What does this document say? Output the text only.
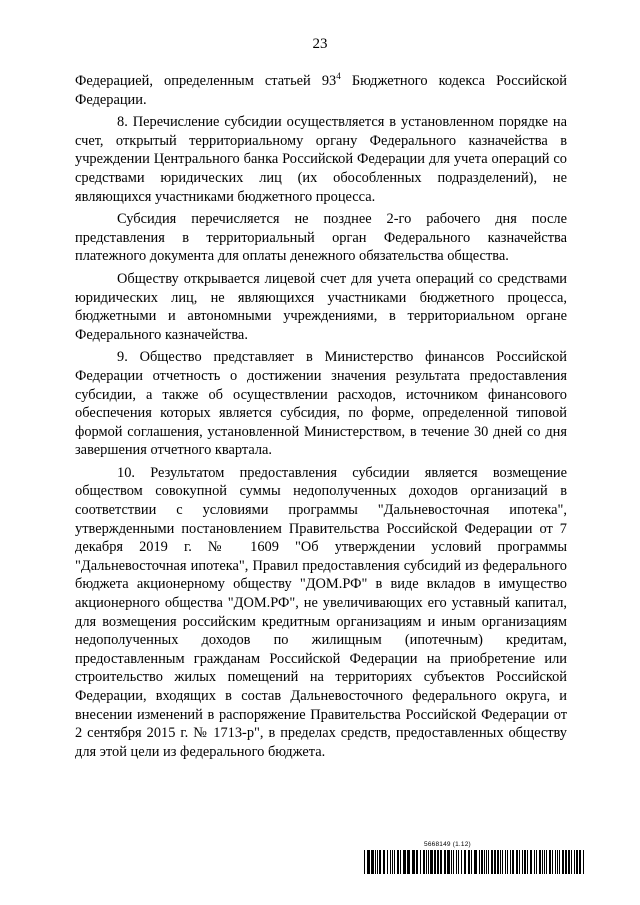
23

Федерацией, определенным статьей $93^4$ Бюджетного кодекса Российской Федерации.

8. Перечисление субсидии осуществляется в установленном порядке на счет, открытый территориальному органу Федерального казначейства в учреждении Центрального банка Российской Федерации для учета операций со средствами юридических лиц (их обособленных подразделений), не являющихся участниками бюджетного процесса.

Субсидия перечисляется не позднее 2-го рабочего дня после представления в территориальный орган Федерального казначейства платежного документа для оплаты денежного обязательства общества.

Обществу открывается лицевой счет для учета операций со средствами юридических лиц, не являющихся участниками бюджетного процесса, бюджетными и автономными учреждениями, в территориальном органе Федерального казначейства.

9. Общество представляет в Министерство финансов Российской Федерации отчетность о достижении значения результата предоставления субсидии, а также об осуществлении расходов, источником финансового обеспечения которых является субсидия, по форме, определенной типовой формой соглашения, установленной Министерством, в течение 30 дней со дня завершения отчетного квартала.

10. Результатом предоставления субсидии является возмещение обществом совокупной суммы недополученных доходов организаций в соответствии с условиями программы "Дальневосточная ипотека", утвержденными постановлением Правительства Российской Федерации от 7 декабря 2019 г. № 1609 "Об утверждении условий программы "Дальневосточная ипотека", Правил предоставления субсидий из федерального бюджета акционерному обществу "ДОМ.РФ" в виде вкладов в имущество акционерного общества "ДОМ.РФ", не увеличивающих его уставный капитал, для возмещения российским кредитным организациям и иным организациям недополученных доходов по жилищным (ипотечным) кредитам, предоставленным гражданам Российской Федерации на приобретение или строительство жилых помещений на территориях субъектов Российской Федерации, входящих в состав Дальневосточного федерального округа, и внесении изменений в распоряжение Правительства Российской Федерации от 2 сентября 2015 г. № 1713-р", в пределах средств, предоставленных обществу для этой цели из федерального бюджета.

5668149 (1.12)
